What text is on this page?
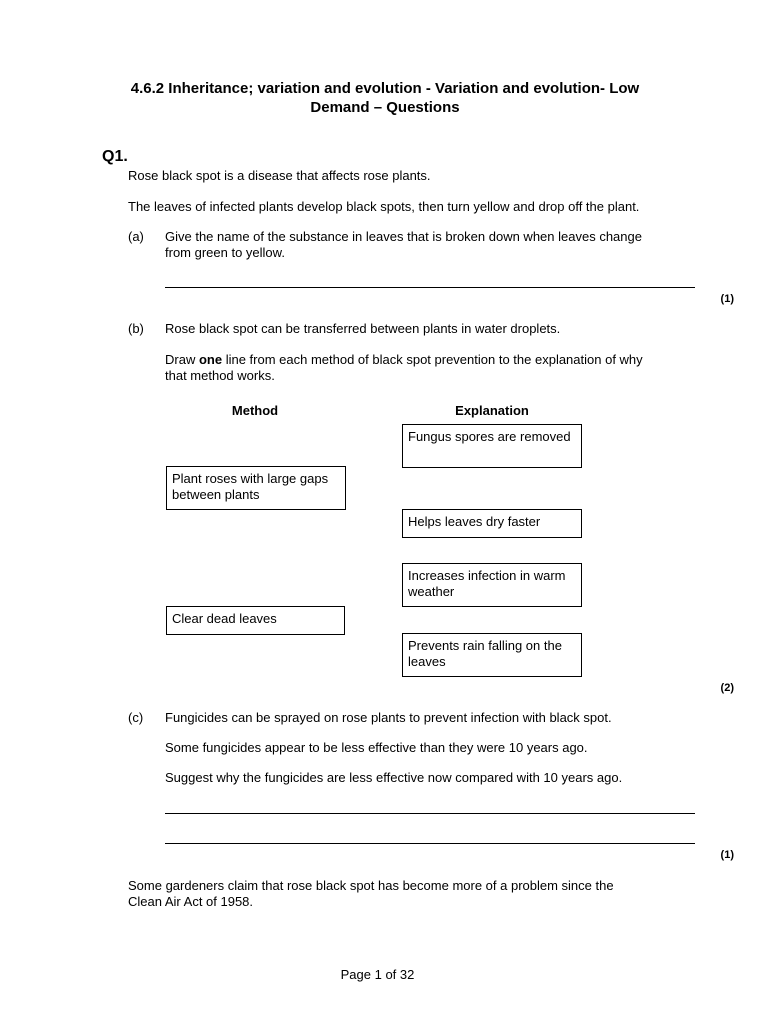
4.6.2 Inheritance; variation and evolution - Variation and evolution- Low
Demand – Questions
Q1.
Rose black spot is a disease that affects rose plants.
The leaves of infected plants develop black spots, then turn yellow and drop off the plant.
(a) Give the name of the substance in leaves that is broken down when leaves change
from green to yellow.
(1)
(b) Rose black spot can be transferred between plants in water droplets.
Draw one line from each method of black spot prevention to the explanation of why
that method works.
Method	Explanation
Plant roses with large gaps between plants
Clear dead leaves
Fungus spores are removed
Helps leaves dry faster
Increases infection in warm weather
Prevents rain falling on the leaves
(2)
(c) Fungicides can be sprayed on rose plants to prevent infection with black spot.
Some fungicides appear to be less effective than they were 10 years ago.
Suggest why the fungicides are less effective now compared with 10 years ago.
(1)
Some gardeners claim that rose black spot has become more of a problem since the
Clean Air Act of 1958.
Page 1 of 32
